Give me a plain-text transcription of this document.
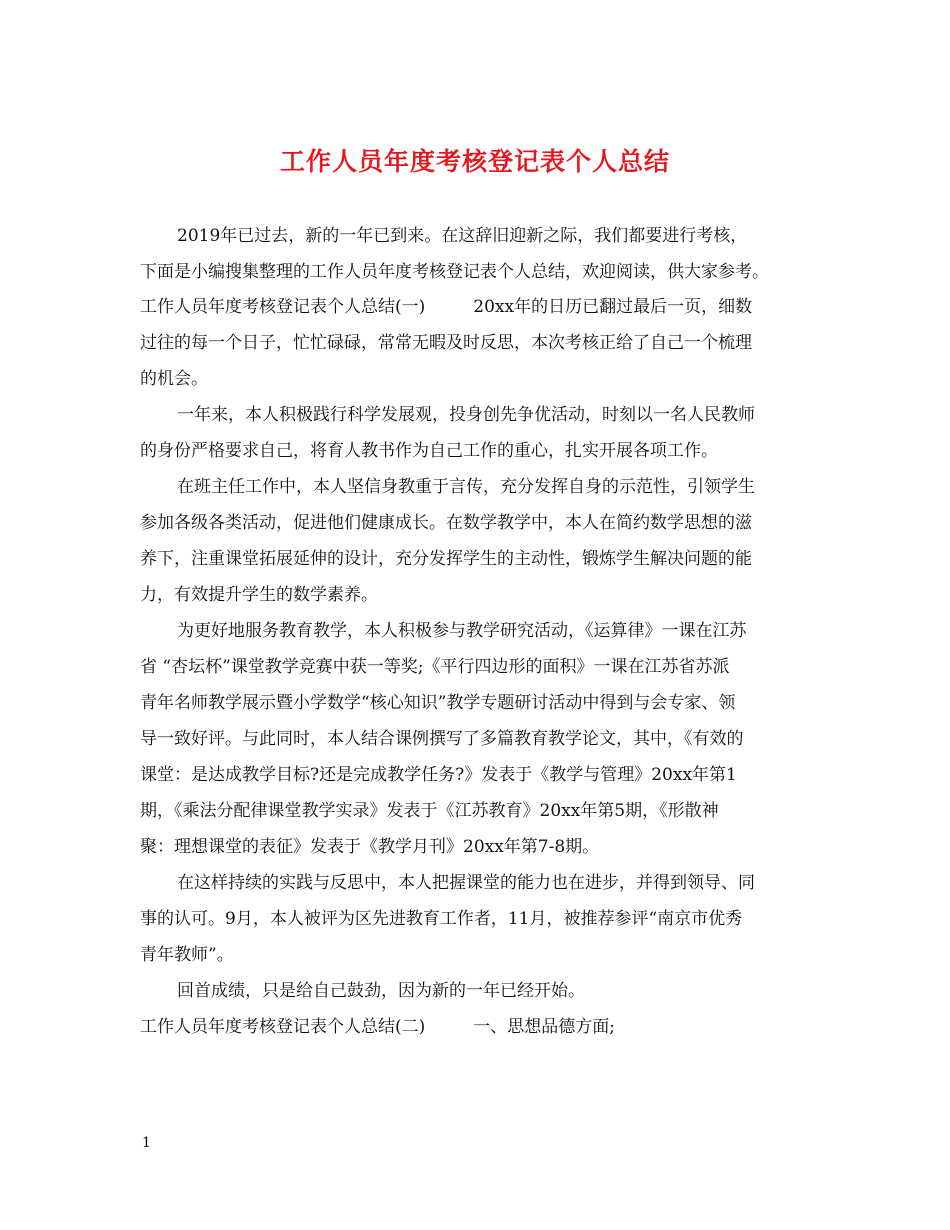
工作人员年度考核登记表个人总结
2019年已过去，新的一年已到来。在这辞旧迎新之际，我们都要进行考核，
下面是小编搜集整理的工作人员年度考核登记表个人总结，欢迎阅读，供大家参考。
工作人员年度考核登记表个人总结(一)	20xx年的日历已翻过最后一页，细数
过往的每一个日子，忙忙碌碌，常常无暇及时反思，本次考核正给了自己一个梳理
的机会。
一年来，本人积极践行科学发展观，投身创先争优活动，时刻以一名人民教师
的身份严格要求自己，将育人教书作为自己工作的重心，扎实开展各项工作。
在班主任工作中，本人坚信身教重于言传，充分发挥自身的示范性，引领学生
参加各级各类活动，促进他们健康成长。在数学教学中，本人在简约数学思想的滋
养下，注重课堂拓展延伸的设计，充分发挥学生的主动性，锻炼学生解决问题的能
力，有效提升学生的数学素养。
为更好地服务教育教学，本人积极参与教学研究活动，《运算律》一课在江苏
省 “杏坛杯”课堂教学竞赛中获一等奖;《平行四边形的面积》一课在江苏省苏派
青年名师教学展示暨小学数学“核心知识”教学专题研讨活动中得到与会专家、领
导一致好评。与此同时，本人结合课例撰写了多篇教育教学论文，其中，《有效的
课堂：是达成教学目标?还是完成教学任务?》发表于《教学与管理》20xx年第1
期，《乘法分配律课堂教学实录》发表于《江苏教育》20xx年第5期，《形散神
聚：理想课堂的表征》发表于《教学月刊》20xx年第7-8期。
在这样持续的实践与反思中，本人把握课堂的能力也在进步，并得到领导、同
事的认可。9月，本人被评为区先进教育工作者，11月，被推荐参评“南京市优秀
青年教师”。
回首成绩，只是给自己鼓劲，因为新的一年已经开始。
工作人员年度考核登记表个人总结(二)	一、思想品德方面;
1
